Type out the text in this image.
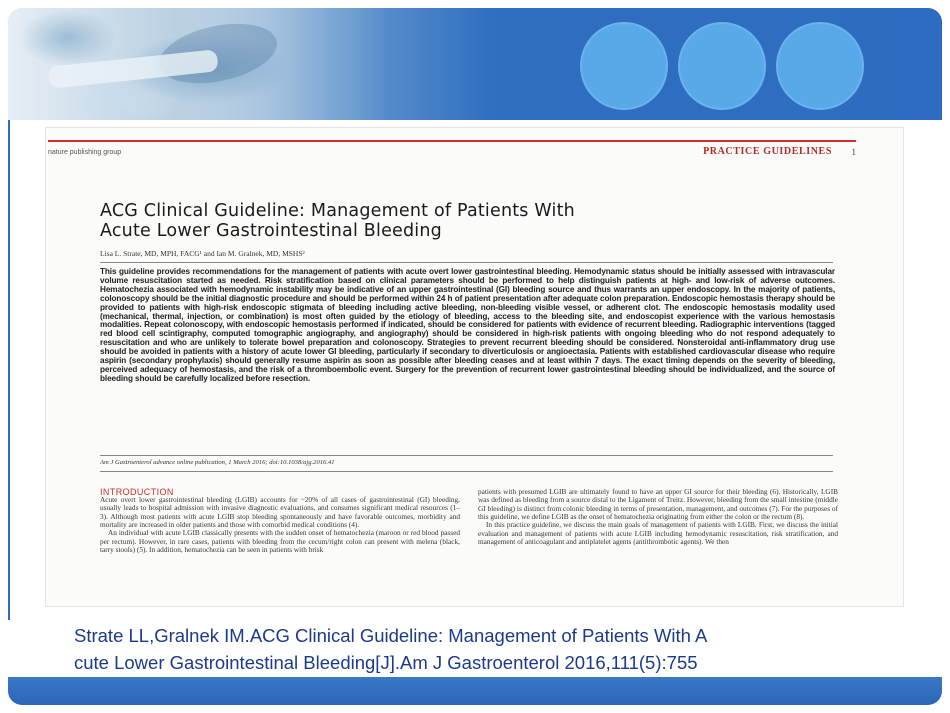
nature publishing group	PRACTICE GUIDELINES 1
ACG Clinical Guideline: Management of Patients With
Acute Lower Gastrointestinal Bleeding
Lisa L. Strate, MD, MPH, FACG¹ and Ian M. Gralnek, MD, MSHS²
This guideline provides recommendations for the management of patients with acute overt lower gastrointestinal bleeding. Hemodynamic status should be initially assessed with intravascular volume resuscitation started as needed. Risk stratification based on clinical parameters should be performed to help distinguish patients at high- and low-risk of adverse outcomes. Hematochezia associated with hemodynamic instability may be indicative of an upper gastrointestinal (GI) bleeding source and thus warrants an upper endoscopy. In the majority of patients, colonoscopy should be the initial diagnostic procedure and should be performed within 24 h of patient presentation after adequate colon preparation. Endoscopic hemostasis therapy should be provided to patients with high-risk endoscopic stigmata of bleeding including active bleeding, non-bleeding visible vessel, or adherent clot. The endoscopic hemostasis modality used (mechanical, thermal, injection, or combination) is most often guided by the etiology of bleeding, access to the bleeding site, and endoscopist experience with the various hemostasis modalities. Repeat colonoscopy, with endoscopic hemostasis performed if indicated, should be considered for patients with evidence of recurrent bleeding. Radiographic interventions (tagged red blood cell scintigraphy, computed tomographic angiography, and angiography) should be considered in high-risk patients with ongoing bleeding who do not respond adequately to resuscitation and who are unlikely to tolerate bowel preparation and colonoscopy. Strategies to prevent recurrent bleeding should be considered. Nonsteroidal anti-inflammatory drug use should be avoided in patients with a history of acute lower GI bleeding, particularly if secondary to diverticulosis or angioectasia. Patients with established cardiovascular disease who require aspirin (secondary prophylaxis) should generally resume aspirin as soon as possible after bleeding ceases and at least within 7 days. The exact timing depends on the severity of bleeding, perceived adequacy of hemostasis, and the risk of a thromboembolic event. Surgery for the prevention of recurrent lower gastrointestinal bleeding should be individualized, and the source of bleeding should be carefully localized before resection.
Am J Gastroenterol advance online publication, 1 March 2016; doi:10.1038/ajg.2016.41
INTRODUCTION

Acute overt lower gastrointestinal bleeding (LGIB) accounts for ~20% of all cases of gastrointestinal (GI) bleeding, usually leads to hospital admission with invasive diagnostic evaluations, and consumes significant medical resources (1–3). Although most patients with acute LGIB stop bleeding spontaneously and have favorable outcomes, morbidity and mortality are increased in older patients and those with comorbid medical conditions (4).

An individual with acute LGIB classically presents with the sudden onset of hematochezia (maroon or red blood passed per rectum). However, in rare cases, patients with bleeding from the cecum/right colon can present with melena (black, tarry stools) (5). In addition, hematochezia can be seen in patients with brisk

patients with presumed LGIB are ultimately found to have an upper GI source for their bleeding (6). Historically, LGIB was defined as bleeding from a source distal to the Ligament of Treitz. However, bleeding from the small intestine (middle GI bleeding) is distinct from colonic bleeding in terms of presentation, management, and outcomes (7). For the purposes of this guideline, we define LGIB as the onset of hematochezia originating from either the colon or the rectum (8).

In this practice guideline, we discuss the main goals of management of patients with LGIB. First, we discuss the initial evaluation and management of patients with acute LGIB including hemodynamic resuscitation, risk stratification, and management of anticoagulant and antiplatelet agents (antithrombotic agents). We then

Strate LL,Gralnek IM.ACG Clinical Guideline: Management of Patients With A
cute Lower Gastrointestinal Bleeding[J].Am J Gastroenterol 2016,111(5):755
